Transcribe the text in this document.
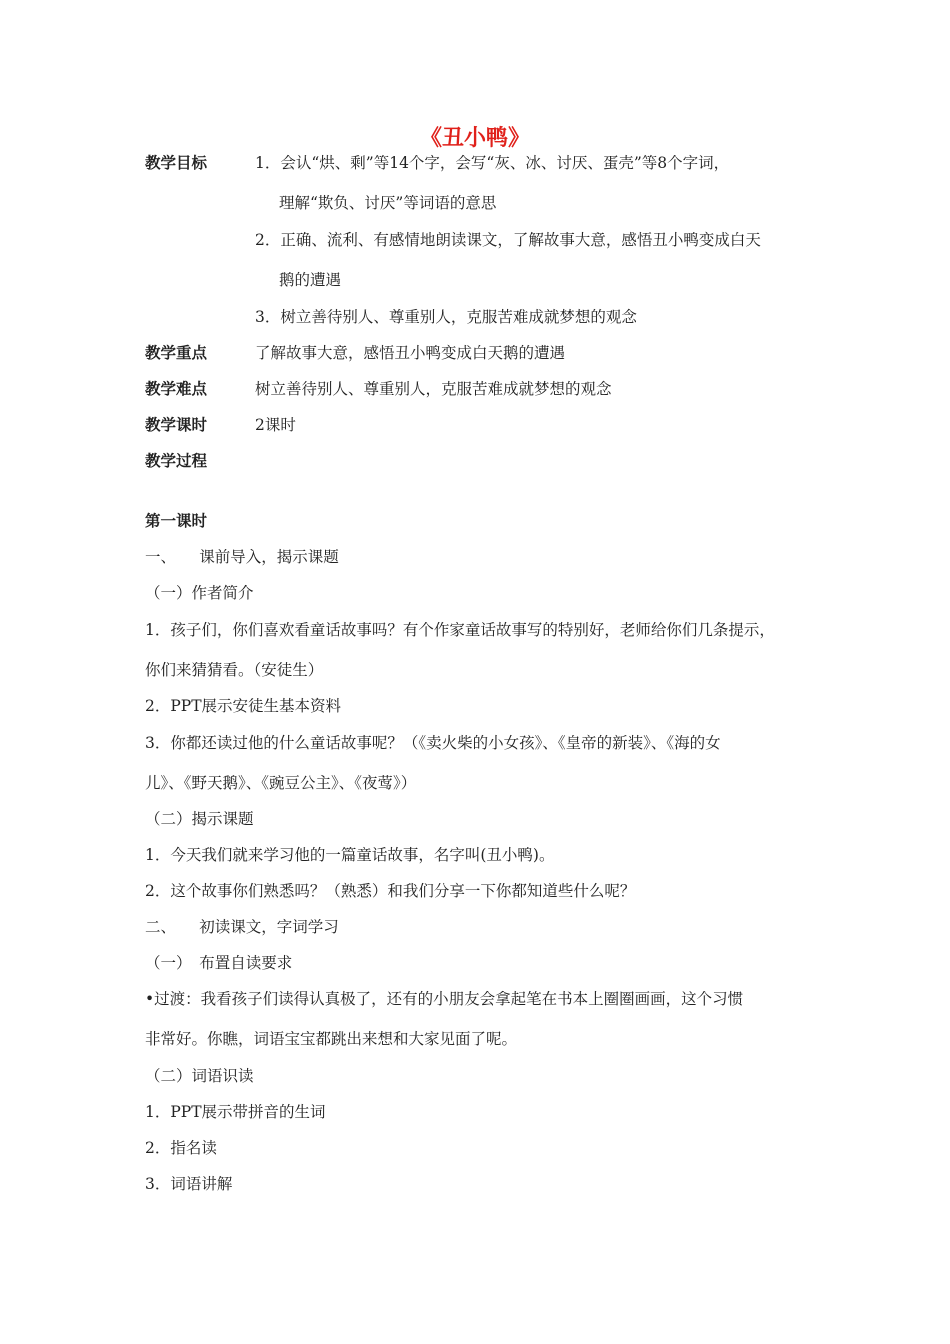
《丑小鸭》
教学目标	1．会认“烘、剩”等14个字，会写“灰、冰、讨厌、蛋壳”等8个字词，
理解“欺负、讨厌”等词语的意思
2．正确、流利、有感情地朗读课文，了解故事大意，感悟丑小鸭变成白天
鹅的遭遇
3．树立善待别人、尊重别人，克服苦难成就梦想的观念
教学重点	了解故事大意，感悟丑小鸭变成白天鹅的遭遇
教学难点	树立善待别人、尊重别人，克服苦难成就梦想的观念
教学课时	2课时
教学过程
第一课时
一、　　课前导入，揭示课题
（一）作者简介
1．孩子们，你们喜欢看童话故事吗？有个作家童话故事写的特别好，老师给你们几条提示，
你们来猜猜看。（安徒生）
2．PPT展示安徒生基本资料
3．你都还读过他的什么童话故事呢？（《卖火柴的小女孩》、《皇帝的新装》、《海的女
儿》、《野天鹅》、《豌豆公主》、《夜莺》）
（二）揭示课题
1．今天我们就来学习他的一篇童话故事，名字叫(丑小鸭)。
2．这个故事你们熟悉吗？（熟悉）和我们分享一下你都知道些什么呢？
二、　　初读课文，字词学习
（一）　布置自读要求
•过渡：我看孩子们读得认真极了，还有的小朋友会拿起笔在书本上圈圈画画，这个习惯
非常好。你瞧，词语宝宝都跳出来想和大家见面了呢。
（二）词语识读
1．PPT展示带拼音的生词
2．指名读
3．词语讲解
